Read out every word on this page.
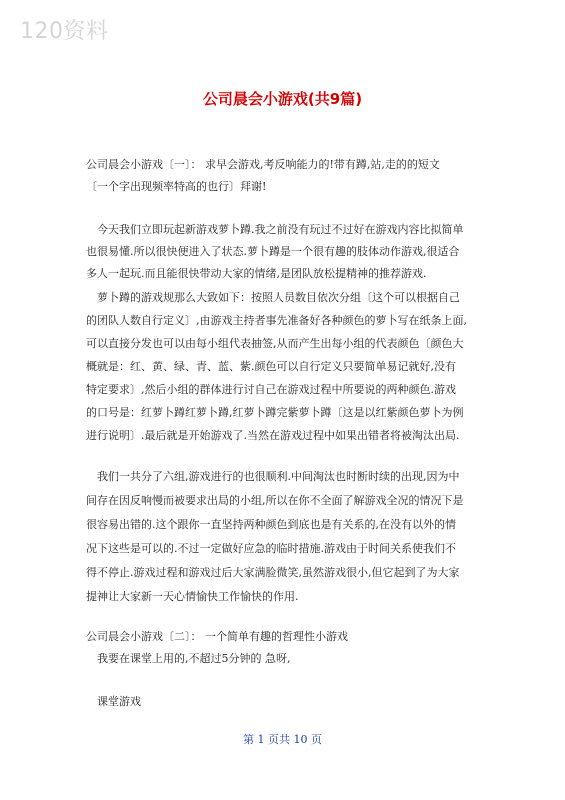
120资料
公司晨会小游戏(共9篇)
公司晨会小游戏〔一〕： 求早会游戏,考反响能力的!带有蹲,站,走的的短文
〔一个字出现频率特高的也行〕拜谢!
今天我们立即玩起新游戏萝卜蹲.我之前没有玩过不过好在游戏内容比拟简单
也很易懂.所以很快便进入了状态.萝卜蹲是一个很有趣的肢体动作游戏,很适合
多人一起玩.而且能很快带动大家的情绪,是团队放松提精神的推荐游戏.
萝卜蹲的游戏规那么大致如下：按照人员数目依次分组〔这个可以根据自己
的团队人数自行定义〕,由游戏主持者事先准备好各种颜色的萝卜写在纸条上面,
可以直接分发也可以由每小组代表抽签,从而产生出每小组的代表颜色〔颜色大
概就是：红、黄、绿、青、蓝、紫.颜色可以自行定义只要简单易记就好,没有
特定要求〕,然后小组的群体进行讨自己在游戏过程中所要说的两种颜色.游戏
的口号是：红萝卜蹲红萝卜蹲,红萝卜蹲完紫萝卜蹲〔这是以红紫颜色萝卜为例
进行说明〕.最后就是开始游戏了.当然在游戏过程中如果出错者将被淘汰出局.
我们一共分了六组,游戏进行的也很顺利.中间淘汰也时断时续的出现,因为中
间存在因反响慢而被要求出局的小组,所以在你不全面了解游戏全况的情况下是
很容易出错的.这个跟你一直坚持两种颜色到底也是有关系的,在没有以外的情
况下这些是可以的.不过一定做好应急的临时措施.游戏由于时间关系使我们不
得不停止.游戏过程和游戏过后大家满脸微笑,虽然游戏很小,但它起到了为大家
提神让大家新一天心情愉快工作愉快的作用.
公司晨会小游戏〔二〕： 一个简单有趣的哲理性小游戏
我要在课堂上用的,不超过5分钟的 急呀,
课堂游戏
第 1 页共 10 页
